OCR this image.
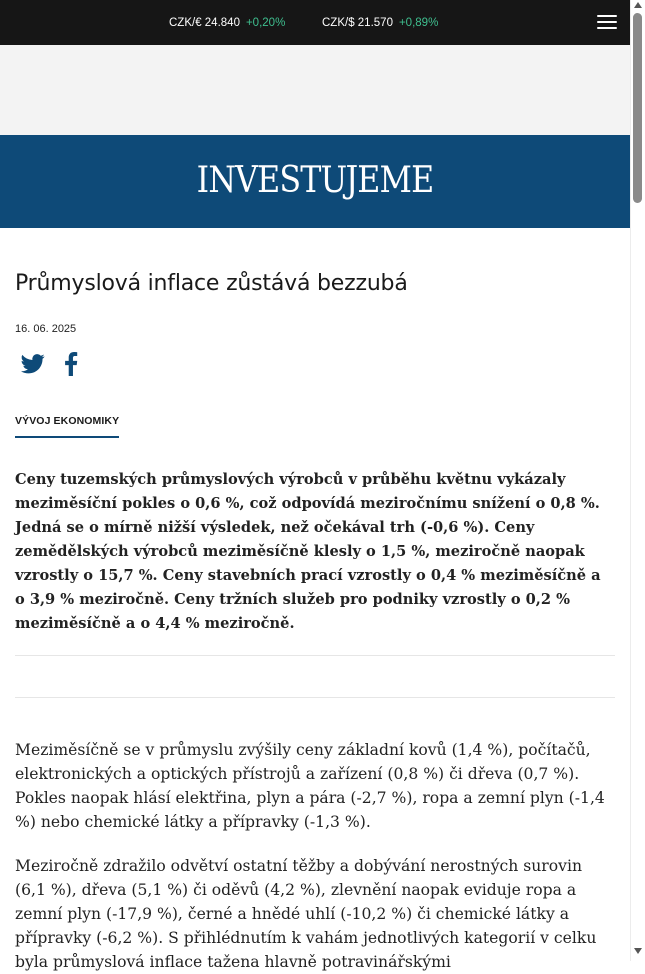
CZK/€ 24.840 +0,20%	CZK/$ 21.570 +0,89%
INVESTUJEME
Průmyslová inflace zůstává bezzubá
16. 06. 2025
VÝVOJ EKONOMIKY

Ceny tuzemských průmyslových výrobců v průběhu květnu vykázaly meziměsíční pokles o 0,6 %, což odpovídá meziročnímu snížení o 0,8 %. Jedná se o mírně nižší výsledek, než očekával trh (-0,6 %). Ceny zemědělských výrobců meziměsíčně klesly o 1,5 %, meziročně naopak vzrostly o 15,7 %. Ceny stavebních prací vzrostly o 0,4 % meziměsíčně a o 3,9 % meziročně. Ceny tržních služeb pro podniky vzrostly o 0,2 % meziměsíčně a o 4,4 % meziročně.

Meziměsíčně se v průmyslu zvýšily ceny základní kovů (1,4 %), počítačů, elektronických a optických přístrojů a zařízení (0,8 %) či dřeva (0,7 %). Pokles naopak hlásí elektřina, plyn a pára (-2,7 %), ropa a zemní plyn (-1,4 %) nebo chemické látky a přípravky (-1,3 %).

Meziročně zdražilo odvětví ostatní těžby a dobývání nerostných surovin (6,1 %), dřeva (5,1 %) či oděvů (4,2 %), zlevnění naopak eviduje ropa a zemní plyn (-17,9 %), černé a hnědé uhlí (-10,2 %) či chemické látky a přípravky (-6,2 %). S přihlédnutím k vahám jednotlivých kategorií v celku byla průmyslová inflace tažena hlavně potravinářskými
